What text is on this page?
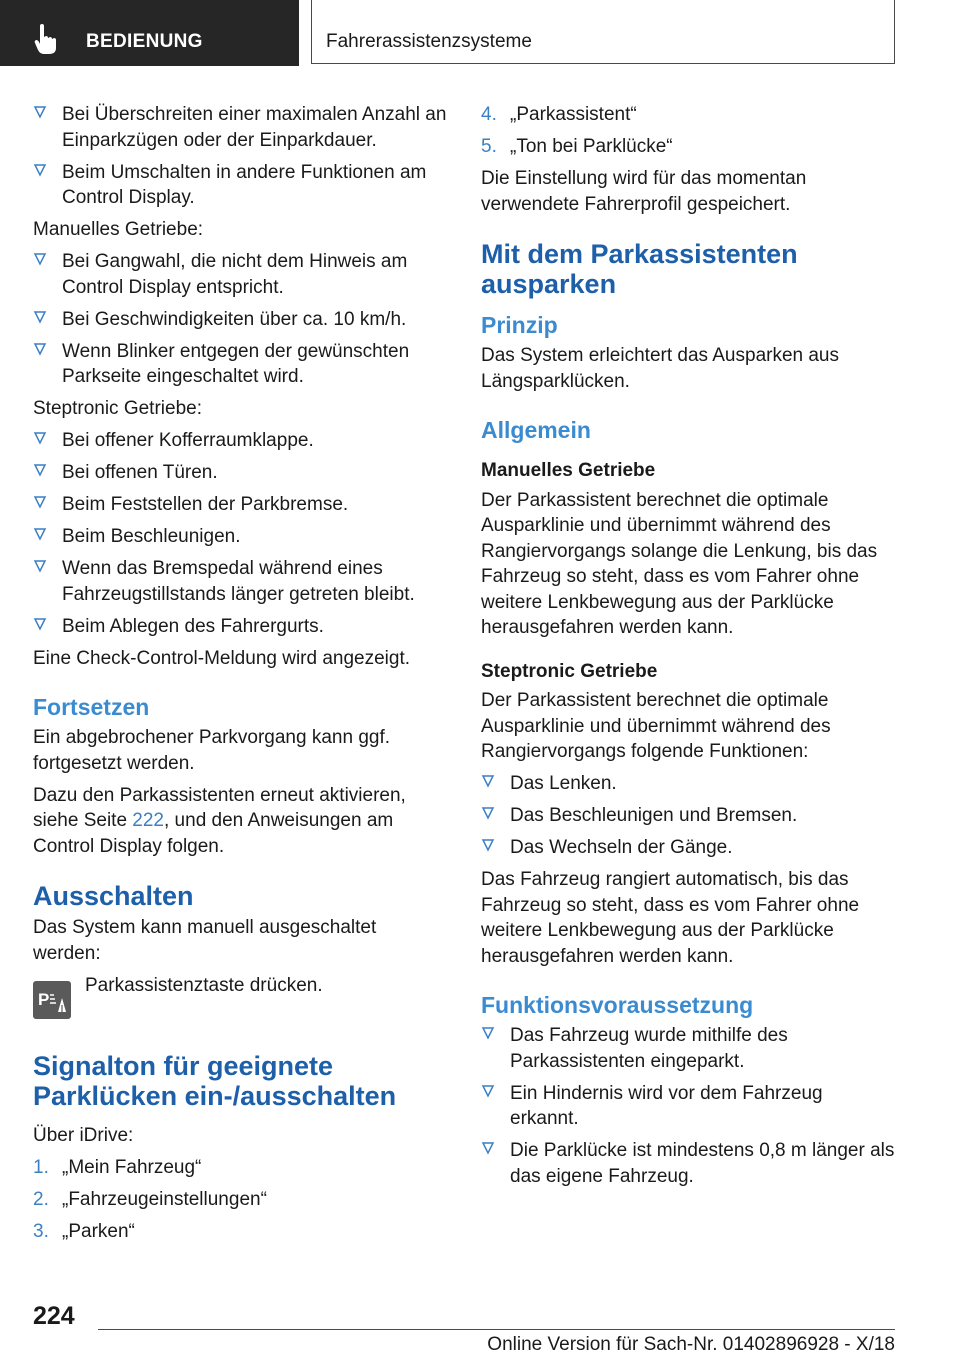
BEDIENUNG	Fahrerassistenzsysteme
Bei Überschreiten einer maximalen Anzahl an Einparkzügen oder der Einparkdauer.
Beim Umschalten in andere Funktionen am Control Display.
Manuelles Getriebe:
Bei Gangwahl, die nicht dem Hinweis am Control Display entspricht.
Bei Geschwindigkeiten über ca. 10 km/h.
Wenn Blinker entgegen der gewünschten Parkseite eingeschaltet wird.
Steptronic Getriebe:
Bei offener Kofferraumklappe.
Bei offenen Türen.
Beim Feststellen der Parkbremse.
Beim Beschleunigen.
Wenn das Bremspedal während eines Fahrzeugstillstands länger getreten bleibt.
Beim Ablegen des Fahrergurts.
Eine Check-Control-Meldung wird angezeigt.
Fortsetzen
Ein abgebrochener Parkvorgang kann ggf. fortgesetzt werden.
Dazu den Parkassistenten erneut aktivieren, siehe Seite 222, und den Anweisungen am Control Display folgen.
Ausschalten
Das System kann manuell ausgeschaltet werden:
P
Parkassistenztaste drücken.
Signalton für geeignete Parklücken ein-/ausschalten
Über iDrive:
1. „Mein Fahrzeug“
2. „Fahrzeugeinstellungen“
3. „Parken“
4. „Parkassistent“
5. „Ton bei Parklücke“
Die Einstellung wird für das momentan verwendete Fahrerprofil gespeichert.
Mit dem Parkassistenten ausparken
Prinzip
Das System erleichtert das Ausparken aus Längsparklücken.
Allgemein
Manuelles Getriebe
Der Parkassistent berechnet die optimale Ausparklinie und übernimmt während des Rangiervorgangs solange die Lenkung, bis das Fahrzeug so steht, dass es vom Fahrer ohne weitere Lenkbewegung aus der Parklücke herausgefahren werden kann.
Steptronic Getriebe
Der Parkassistent berechnet die optimale Ausparklinie und übernimmt während des Rangiervorgangs folgende Funktionen:
Das Lenken.
Das Beschleunigen und Bremsen.
Das Wechseln der Gänge.
Das Fahrzeug rangiert automatisch, bis das Fahrzeug so steht, dass es vom Fahrer ohne weitere Lenkbewegung aus der Parklücke herausgefahren werden kann.
Funktionsvoraussetzung
Das Fahrzeug wurde mithilfe des Parkassistenten eingeparkt.
Ein Hindernis wird vor dem Fahrzeug erkannt.
Die Parklücke ist mindestens 0,8 m länger als das eigene Fahrzeug.
224
Online Version für Sach-Nr. 01402896928 - X/18
